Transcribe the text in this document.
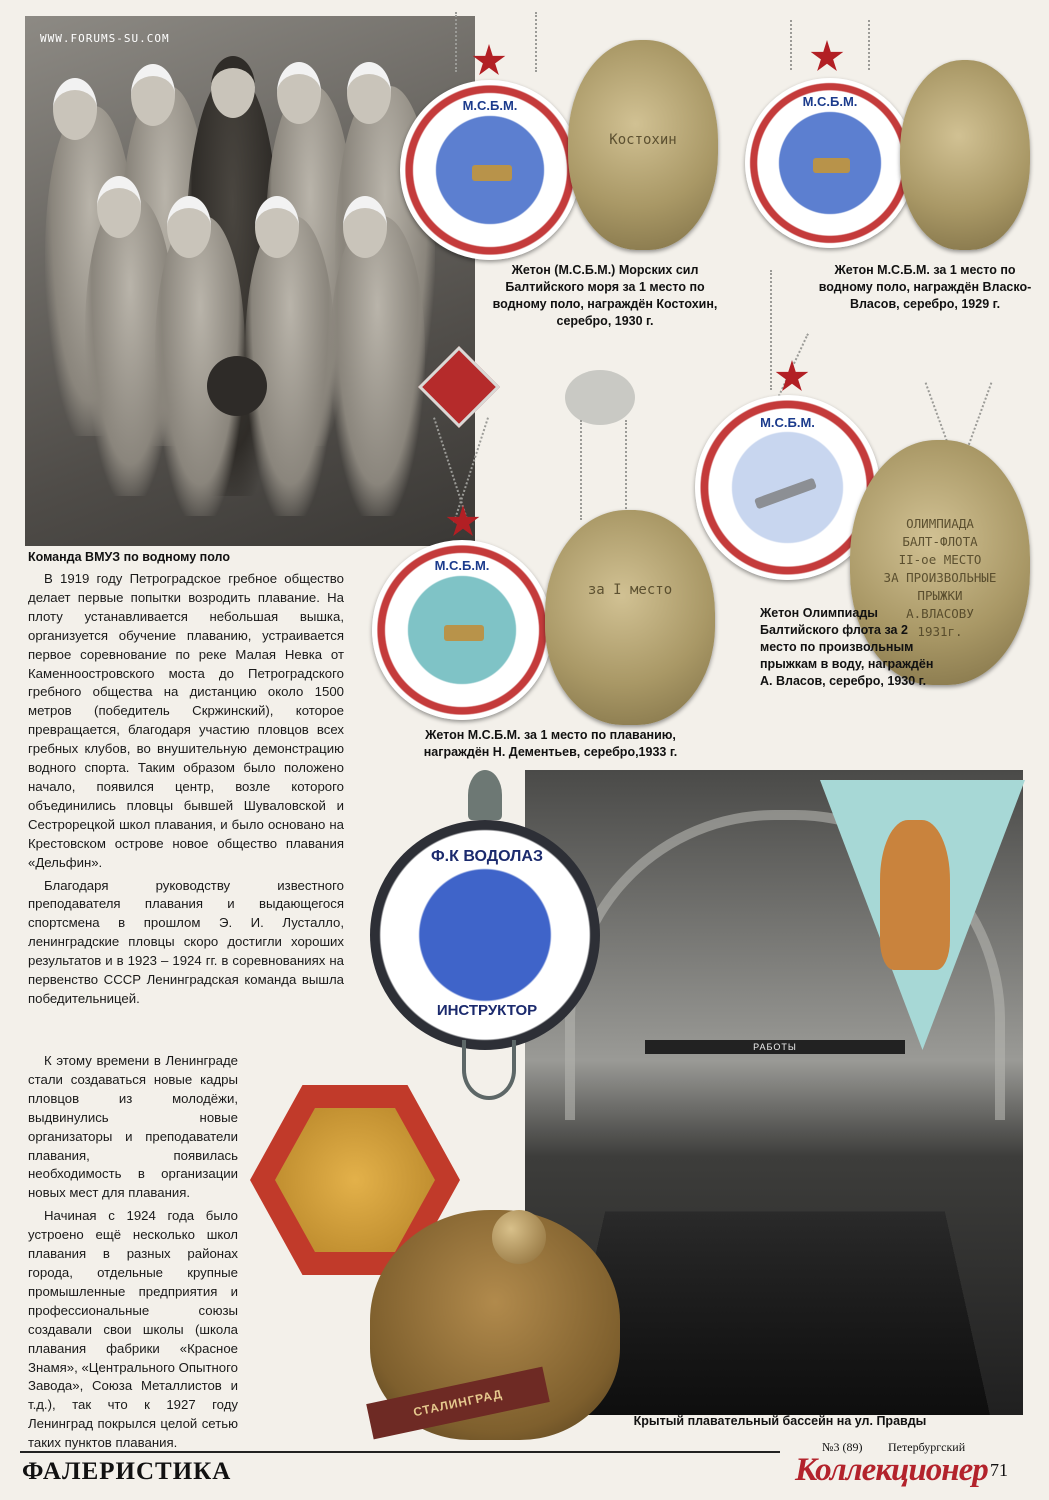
WWW.FORUMS-SU.COM
Команда ВМУЗ по водному поло
М.С.Б.М.
Костохин
Жетон (М.С.Б.М.) Морских сил Балтийского моря за 1 место по водному поло, награждён Костохин, серебро, 1930 г.
М.С.Б.М.
Жетон М.С.Б.М. за 1 место по водному поло, награждён Власко-Власов, серебро, 1929 г.
М.С.Б.М.
за I место
Жетон М.С.Б.М. за 1 место по плаванию, награждён Н. Дементьев, серебро,1933 г.
М.С.Б.М.
ОЛИМПИАДА
БАЛТ-ФЛОТА
II-ое МЕСТО
ЗА ПРОИЗВОЛЬНЫЕ
ПРЫЖКИ
А.ВЛАСОВУ
1931г.
Жетон Олимпиады Балтийского флота за 2 место по произвольным прыжкам в воду, награждён А. Власов, серебро, 1930 г.

В 1919 году Петроградское гребное общество делает первые попытки возродить плавание. На плоту устанавливается небольшая вышка, организуется обучение плаванию, устраивается первое соревнование по реке Малая Невка от Каменноостровского моста до Петроградского гребного общества на дистанцию около 1500 метров (победитель Скржинский), которое превращается, благодаря участию пловцов всех гребных клубов, во внушительную демонстрацию водного спорта. Таким образом было положено начало, появился центр, возле которого объединились пловцы бывшей Шуваловской и Сестрорецкой школ плавания, и было основано на Крестовском острове новое общество плавания «Дельфин».

Благодаря руководству известного преподавателя плавания и выдающегося спортсмена в прошлом Э. И. Лусталло, ленинградские пловцы скоро достигли хороших результатов и в 1923 – 1924 гг. в соревнованиях на первенство СССР Ленинградская команда вышла победительницей.

К этому времени в Ленинграде стали создаваться новые кадры пловцов из молодёжи, выдвинулись новые организаторы и преподаватели плавания, появилась необходимость в организации новых мест для плавания.

Начиная с 1924 года было устроено ещё несколько школ плавания в разных районах города, отдельные крупные промышленные предприятия и профессиональные союзы создавали свои школы (школа плавания фабрики «Красное Знамя», «Центрального Опытного Завода», Союза Металлистов и т.д.), так что к 1927 году Ленинград покрылся целой сетью таких пунктов плавания.

РАБОТЫ
Ф.К ВОДОЛАЗ
ИНСТРУКТОР
СТАЛИНГРАД
Крытый плавательный бассейн на ул. Правды
ФАЛЕРИСТИКА
№3 (89) Петербургский
Коллекционер 71
